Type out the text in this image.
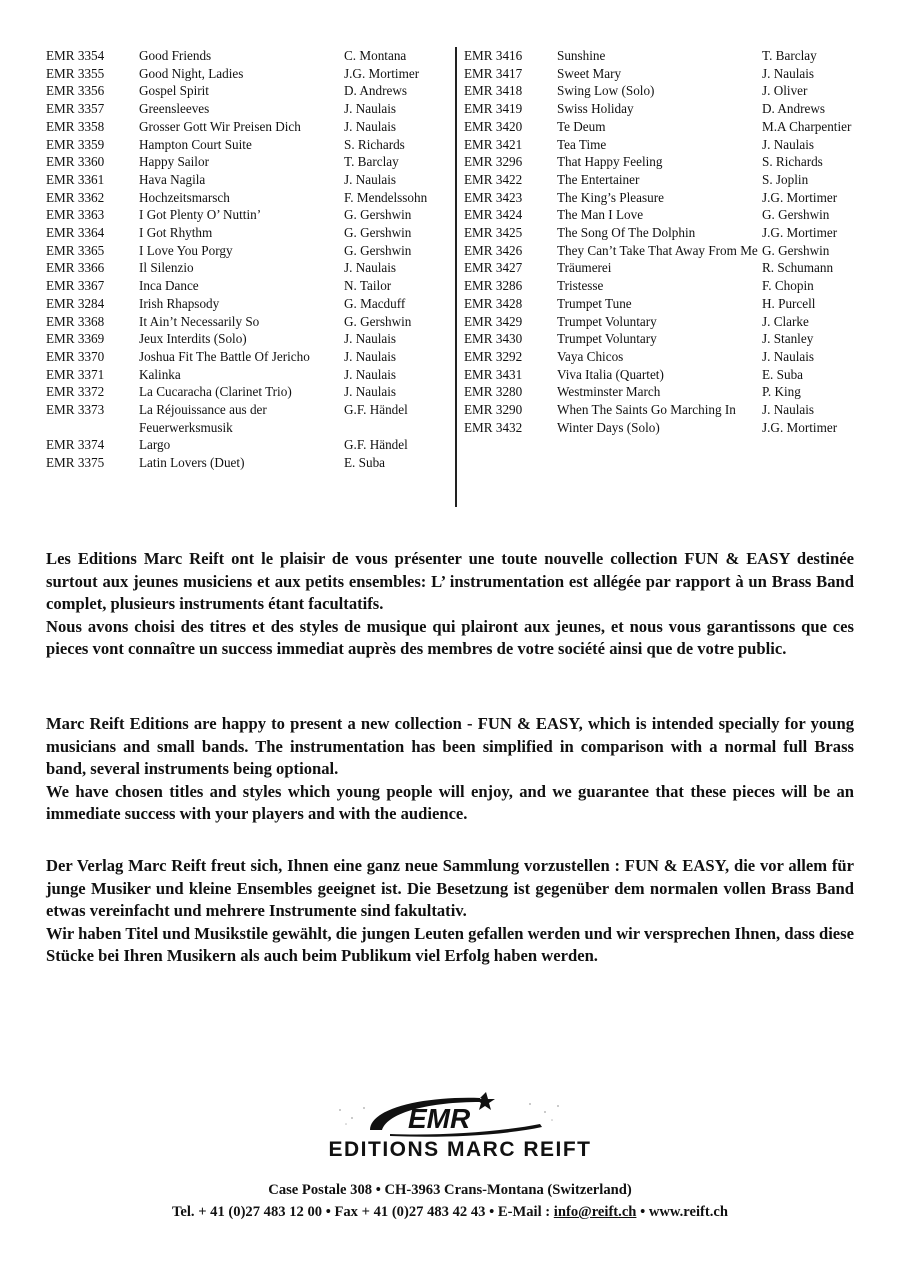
EMR 3354	Good Friends	C. Montana
EMR 3355	Good Night, Ladies	J.G. Mortimer
EMR 3356	Gospel Spirit	D. Andrews
EMR 3357	Greensleeves	J. Naulais
EMR 3358	Grosser Gott Wir Preisen Dich	J. Naulais
EMR 3359	Hampton Court Suite	S. Richards
EMR 3360	Happy Sailor	T. Barclay
EMR 3361	Hava Nagila	J. Naulais
EMR 3362	Hochzeitsmarsch	F. Mendelssohn
EMR 3363	I Got Plenty O’ Nuttin’	G. Gershwin
EMR 3364	I Got Rhythm	G. Gershwin
EMR 3365	I Love You Porgy	G. Gershwin
EMR 3366	Il Silenzio	J. Naulais
EMR 3367	Inca Dance	N. Tailor
EMR 3284	Irish Rhapsody	G. Macduff
EMR 3368	It Ain’t Necessarily So	G. Gershwin
EMR 3369	Jeux Interdits (Solo)	J. Naulais
EMR 3370	Joshua Fit The Battle Of Jericho	J. Naulais
EMR 3371	Kalinka	J. Naulais
EMR 3372	La Cucaracha (Clarinet Trio)	J. Naulais
EMR 3373	La Réjouissance aus der Feuerwerksmusik
G.F. Händel
EMR 3374	Largo	G.F. Händel
EMR 3375	Latin Lovers (Duet)	E. Suba
EMR 3416	Sunshine	T. Barclay
EMR 3417	Sweet Mary	J. Naulais
EMR 3418	Swing Low (Solo)	J. Oliver
EMR 3419	Swiss Holiday	D. Andrews
EMR 3420	Te Deum	M.A Charpentier
EMR 3421	Tea Time	J. Naulais
EMR 3296	That Happy Feeling	S. Richards
EMR 3422	The Entertainer	S. Joplin
EMR 3423	The King’s Pleasure	J.G. Mortimer
EMR 3424	The Man I Love	G. Gershwin
EMR 3425	The Song Of The Dolphin	J.G. Mortimer
EMR 3426	They Can’t Take That Away From Me G. Gershwin
EMR 3427	Träumerei	R. Schumann
EMR 3286	Tristesse	F. Chopin
EMR 3428	Trumpet Tune	H. Purcell
EMR 3429	Trumpet Voluntary	J. Clarke
EMR 3430	Trumpet Voluntary	J. Stanley
EMR 3292	Vaya Chicos	J. Naulais
EMR 3431	Viva Italia (Quartet)	E. Suba
EMR 3280	Westminster March	P. King
EMR 3290	When The Saints Go Marching In	J. Naulais
EMR 3432	Winter Days (Solo)	J.G. Mortimer

Les Editions Marc Reift ont le plaisir de vous présenter une toute nouvelle collection FUN & EASY destinée surtout aux jeunes musiciens et aux petits ensembles: L’ instrumentation est allégée par rapport à un Brass Band complet, plusieurs instruments étant facultatifs.

Nous avons choisi des titres et des styles de musique qui plairont aux jeunes, et nous vous garantissons que ces pieces vont connaître un success immediat auprès des membres de votre société ainsi que de votre public.

Marc Reift Editions are happy to present a new collection - FUN & EASY, which is intended specially for young musicians and small bands. The instrumentation has been simplified in comparison with a normal full Brass band, several instruments being optional.

We have chosen titles and styles which young people will enjoy, and we guarantee that these pieces will be an immediate success with your players and with the audience.

Der Verlag Marc Reift freut sich, Ihnen eine ganz neue Sammlung vorzustellen : FUN & EASY, die vor allem für junge Musiker und kleine Ensembles geeignet ist. Die Besetzung ist gegenüber dem normalen vollen Brass Band etwas vereinfacht und mehrere Instrumente sind fakultativ.

Wir haben Titel und Musikstile gewählt, die jungen Leuten gefallen werden und wir versprechen Ihnen, dass diese Stücke bei Ihren Musikern als auch beim Publikum viel Erfolg haben werden.

EMR
EDITIONS MARC REIFT
Case Postale 308 • CH-3963 Crans-Montana (Switzerland)
Tel. + 41 (0)27 483 12 00 • Fax + 41 (0)27 483 42 43 • E-Mail : info@reift.ch • www.reift.ch
